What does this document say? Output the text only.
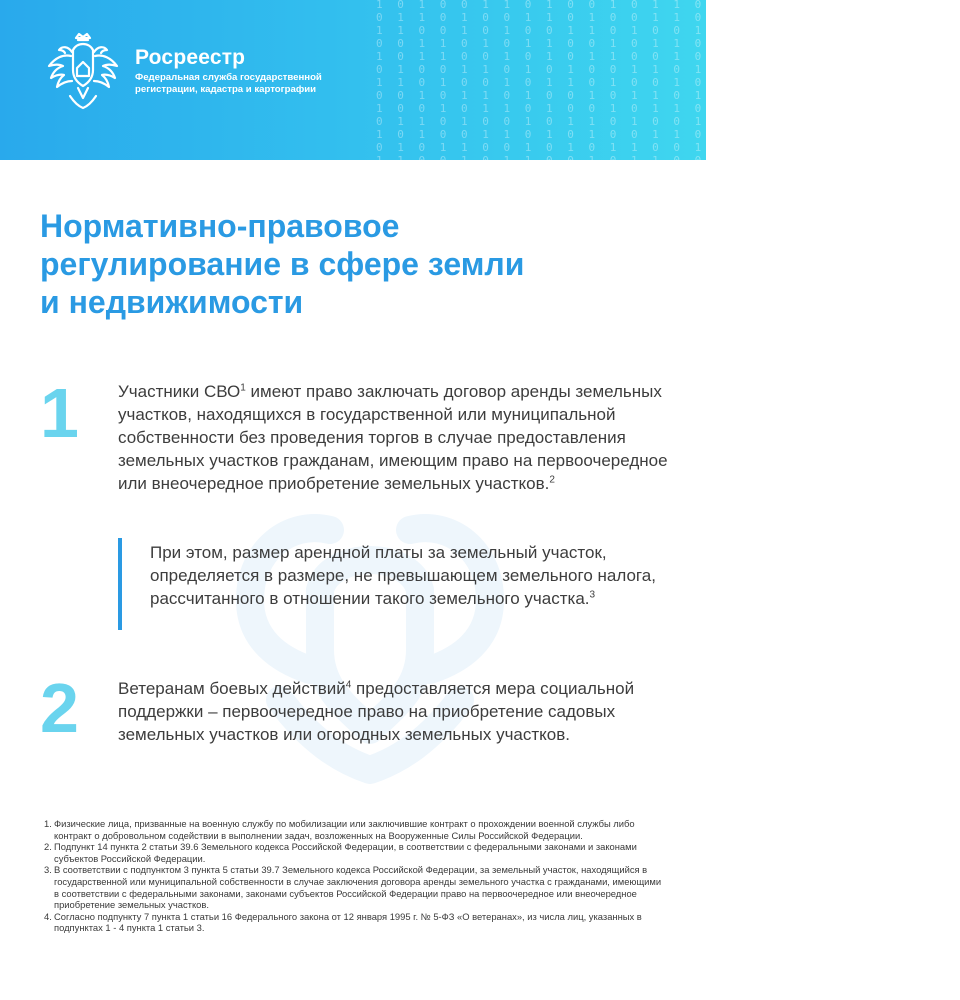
1 0 1 0 0 1 1 0 1 0 0 1 0 1 1 0 1 0 1 0 0 1 1 0 1 0 0 1
0 1 1 0 1 0 0 1 1 0 1 0 0 1 1 0 0 1 0 1 1 0 0 1 1 0 1 0
1 1 0 0 1 0 1 0 0 1 1 0 1 0 0 1 1 0 1 0 0 1 0 1 1 0 0 1
0 0 1 1 0 1 0 1 1 0 0 1 0 1 1 0 0 1 1 0 1 0 1 0 0 1 1 0
1 0 1 1 0 0 1 0 1 0 1 1 0 0 1 0 1 1 0 0 1 0 1 0 1 1 0 0
0 1 0 0 1 1 0 1 0 1 0 0 1 1 0 1 0 0 1 1 0 1 0 1 0 0 1 1
1 1 0 1 0 0 1 0 1 1 0 1 0 0 1 0 1 1 0 1 0 0 1 0 1 1 0 1
0 0 1 0 1 1 0 1 0 0 1 0 1 1 0 1 0 0 1 0 1 1 0 1 0 0 1 0
1 0 0 1 0 1 1 0 1 0 0 1 0 1 1 0 1 0 0 1 0 1 1 0 1 0 0 1
0 1 1 0 1 0 0 1 0 1 1 0 1 0 0 1 0 1 1 0 1 0 0 1 0 1 1 0
1 0 1 0 0 1 1 0 1 0 1 0 0 1 1 0 1 0 1 0 0 1 1 0 1 0 1 0
0 1 0 1 1 0 0 1 0 1 0 1 1 0 0 1 0 1 0 1 1 0 0 1 0 1 0 1
1 1 0 0 1 0 1 1 0 0 1 0 1 1 0 0 1 0 1 1 0 0 1 0 1 1 0 0
Росреестр
Федеральная служба государственной регистрации, кадастра и картографии
Нормативно-правовое
регулирование в сфере земли
и недвижимости
1 Участники СВО$^1$ имеют право заключать договор аренды земельных участков, находящихся в государственной или муниципальной собственности без проведения торгов в случае предоставления земельных участков гражданам, имеющим право на первоочередное или внеочередное приобретение земельных участков.$^2$
При этом, размер арендной платы за земельный участок, определяется в размере, не превышающем земельного налога, рассчитанного в отношении такого земельного участка.$^3$
2 Ветеранам боевых действий$^4$ предоставляется мера социальной поддержки – первоочередное право на приобретение садовых земельных участков или огородных земельных участков.
1. Физические лица, призванные на военную службу по мобилизации или заключившие контракт о прохождении военной службы либо контракт о добровольном содействии в выполнении задач, возложенных на Вооруженные Силы Российской Федерации.
2. Подпункт 14 пункта 2 статьи 39.6 Земельного кодекса Российской Федерации, в соответствии с федеральными законами и законами субъектов Российской Федерации.
3. В соответствии с подпунктом 3 пункта 5 статьи 39.7 Земельного кодекса Российской Федерации, за земельный участок, находящийся в государственной или муниципальной собственности в случае заключения договора аренды земельного участка с гражданами, имеющими в соответствии с федеральными законами, законами субъектов Российской Федерации право на первоочередное или внеочередное приобретение земельных участков.
4. Согласно подпункту 7 пункта 1 статьи 16 Федерального закона от 12 января 1995 г. № 5-ФЗ «О ветеранах», из числа лиц, указанных в подпунктах 1 - 4 пункта 1 статьи 3.
